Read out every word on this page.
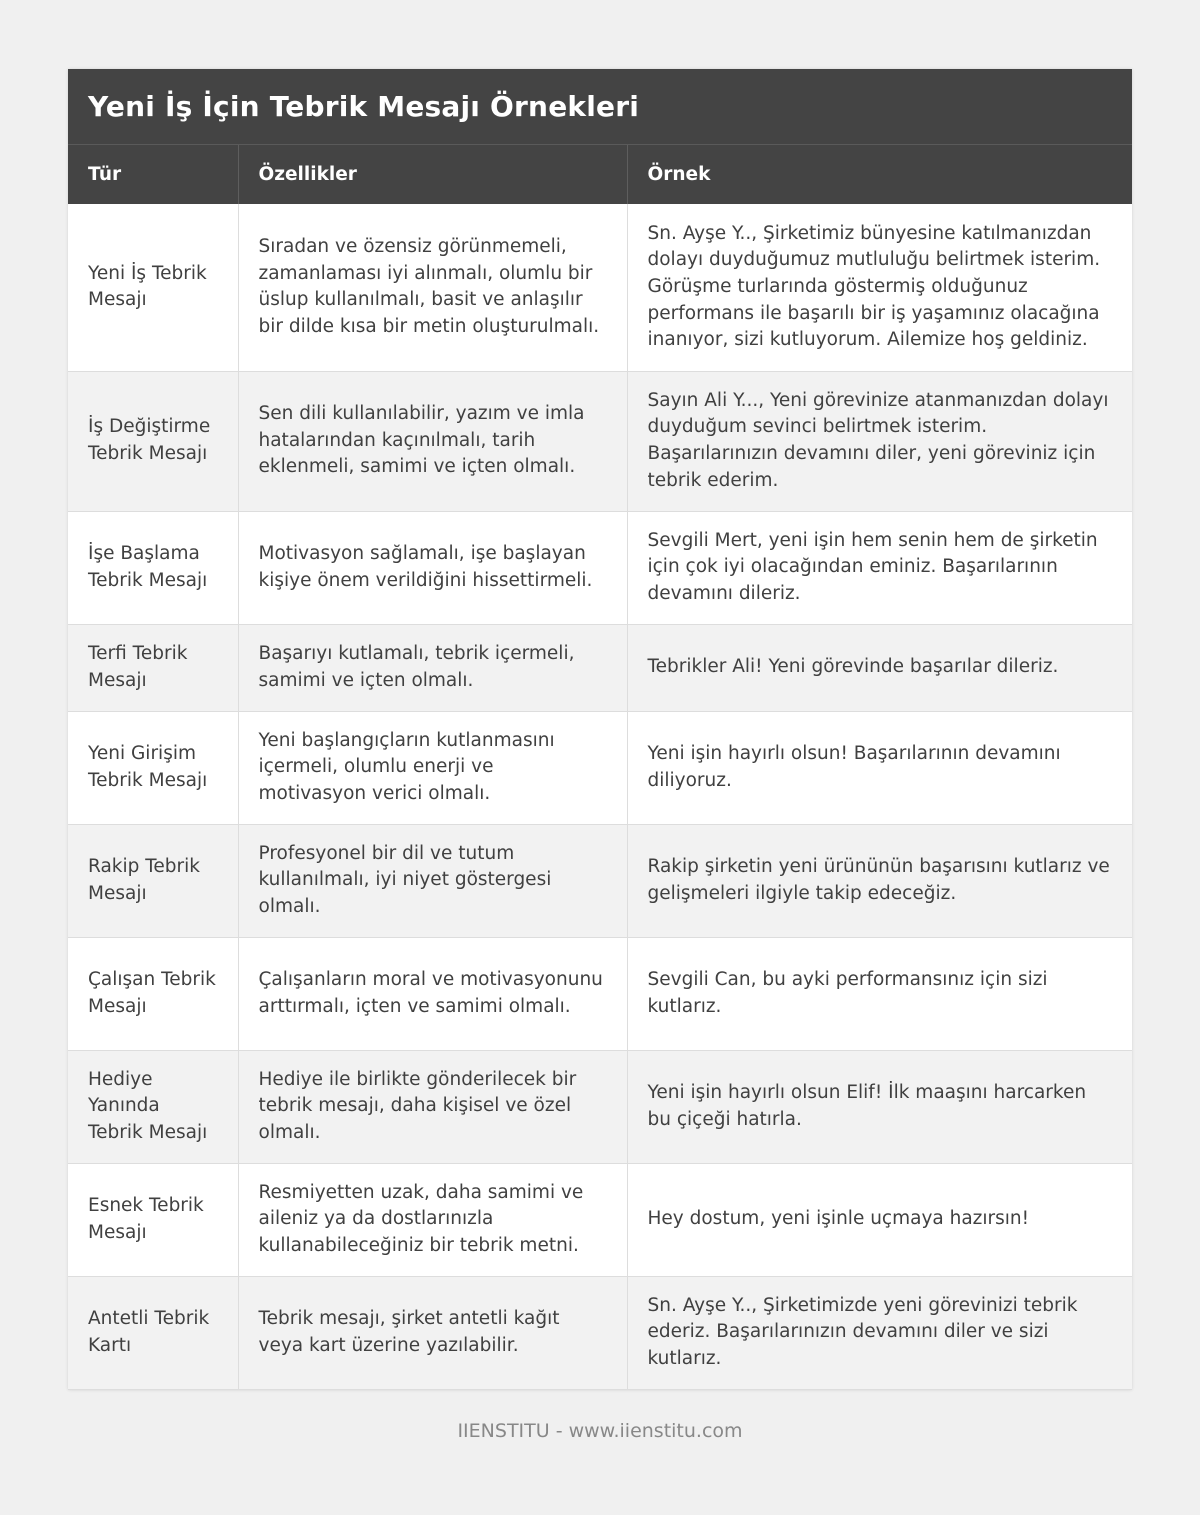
Yeni İş İçin Tebrik Mesajı Örnekleri
Tür	Özellikler	Örnek
Yeni İş Tebrik Mesajı	Sıradan ve özensiz görünmemeli, zamanlaması iyi alınmalı, olumlu bir üslup kullanılmalı, basit ve anlaşılır bir dilde kısa bir metin oluşturulmalı.	Sn. Ayşe Y.., Şirketimiz bünyesine katılmanızdan dolayı duyduğumuz mutluluğu belirtmek isterim. Görüşme turlarında göstermiş olduğunuz performans ile başarılı bir iş yaşamınız olacağına inanıyor, sizi kutluyorum. Ailemize hoş geldiniz.
İş Değiştirme Tebrik Mesajı	Sen dili kullanılabilir, yazım ve imla hatalarından kaçınılmalı, tarih eklenmeli, samimi ve içten olmalı.	Sayın Ali Y..., Yeni görevinize atanmanızdan dolayı duyduğum sevinci belirtmek isterim. Başarılarınızın devamını diler, yeni göreviniz için tebrik ederim.
İşe Başlama Tebrik Mesajı	Motivasyon sağlamalı, işe başlayan kişiye önem verildiğini hissettirmeli.	Sevgili Mert, yeni işin hem senin hem de şirketin için çok iyi olacağından eminiz. Başarılarının devamını dileriz.
Terfi Tebrik Mesajı	Başarıyı kutlamalı, tebrik içermeli, samimi ve içten olmalı.	Tebrikler Ali! Yeni görevinde başarılar dileriz.
Yeni Girişim Tebrik Mesajı	Yeni başlangıçların kutlanmasını içermeli, olumlu enerji ve motivasyon verici olmalı.	Yeni işin hayırlı olsun! Başarılarının devamını diliyoruz.
Rakip Tebrik Mesajı	Profesyonel bir dil ve tutum kullanılmalı, iyi niyet göstergesi olmalı.	Rakip şirketin yeni ürününün başarısını kutlarız ve gelişmeleri ilgiyle takip edeceğiz.
Çalışan Tebrik Mesajı	Çalışanların moral ve motivasyonunu arttırmalı, içten ve samimi olmalı.	Sevgili Can, bu ayki performansınız için sizi kutlarız.
Hediye Yanında Tebrik Mesajı	Hediye ile birlikte gönderilecek bir tebrik mesajı, daha kişisel ve özel olmalı.	Yeni işin hayırlı olsun Elif! İlk maaşını harcarken bu çiçeği hatırla.
Esnek Tebrik Mesajı	Resmiyetten uzak, daha samimi ve aileniz ya da dostlarınızla kullanabileceğiniz bir tebrik metni.	Hey dostum, yeni işinle uçmaya hazırsın!
Antetli Tebrik Kartı	Tebrik mesajı, şirket antetli kağıt veya kart üzerine yazılabilir.	Sn. Ayşe Y.., Şirketimizde yeni görevinizi tebrik ederiz. Başarılarınızın devamını diler ve sizi kutlarız.
IIENSTITU - www.iienstitu.com
